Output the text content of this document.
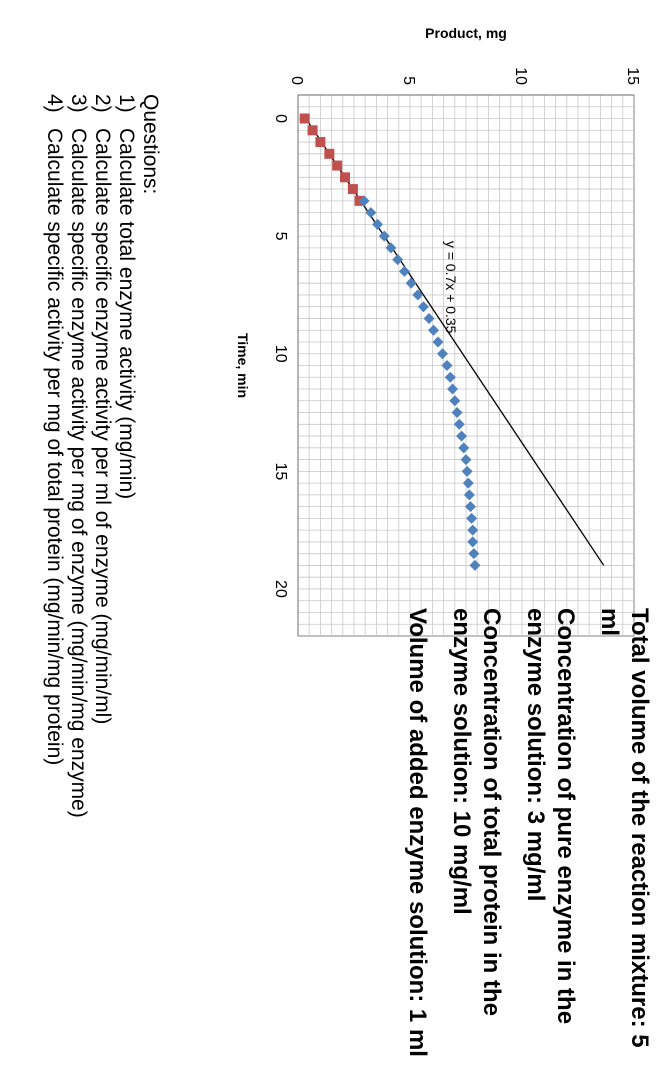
0
5
10
15
20
0	5	10	15
Time, min
Product, mg
y = 0.7x + 0.35
Total volume of the reaction mixture: 5 ml
Concentration of pure enzyme in the enzyme solution: 3 mg/ml
Concentration of total protein in the enzyme solution: 10 mg/ml
Volume of added enzyme solution: 1 ml
Questions:
1)Calculate total enzyme activity (mg/min)
2)Calculate specific enzyme activity per ml of enzyme (mg/min/ml)
3)Calculate specific enzyme activity per mg of enzyme (mg/min/mg enzyme)
4)Calculate specific activity per mg of total protein (mg/min/mg protein)
